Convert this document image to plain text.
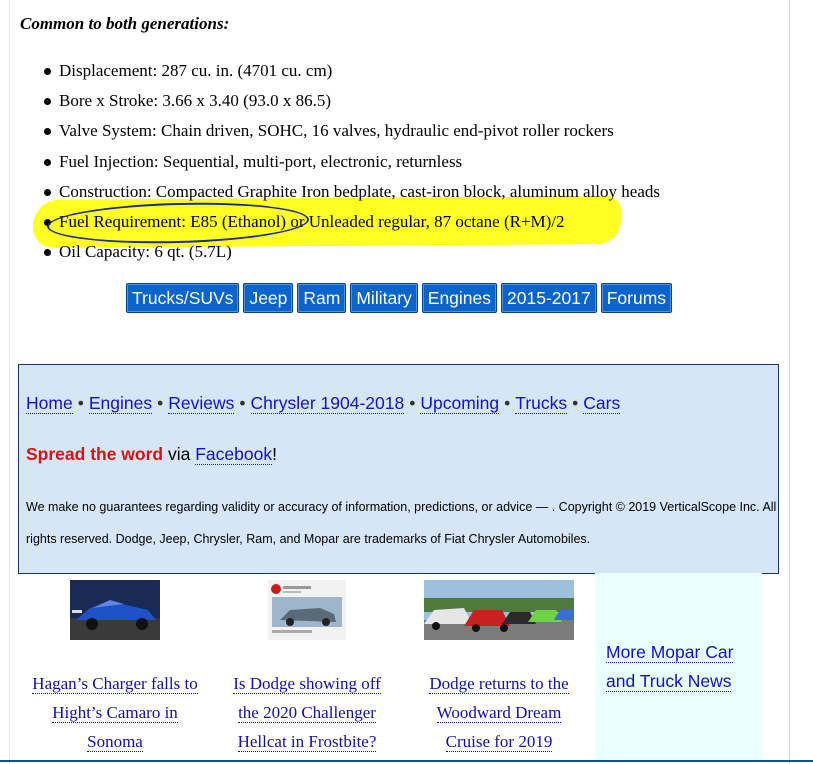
Common to both generations:
Displacement: 287 cu. in. (4701 cu. cm)
Bore x Stroke: 3.66 x 3.40 (93.0 x 86.5)
Valve System: Chain driven, SOHC, 16 valves, hydraulic end-pivot roller rockers
Fuel Injection: Sequential, multi-port, electronic, returnless
Construction: Compacted Graphite Iron bedplate, cast-iron block, aluminum alloy heads
Fuel Requirement: E85 (Ethanol) or Unleaded regular, 87 octane (R+M)/2
Oil Capacity: 6 qt. (5.7L)
Trucks/SUVs Jeep Ram Military Engines 2015-2017 Forums
Home • Engines • Reviews • Chrysler 1904-2018 • Upcoming • Trucks • Cars
Spread the word via Facebook!
We make no guarantees regarding validity or accuracy of information, predictions, or advice — . Copyright © 2019 VerticalScope Inc. All rights reserved. Dodge, Jeep, Chrysler, Ram, and Mopar are trademarks of Fiat Chrysler Automobiles.
Hagan’s Charger falls to
Hight’s Camaro in
Sonoma
Is Dodge showing off
the 2020 Challenger
Hellcat in Frostbite?
Dodge returns to the
Woodward Dream
Cruise for 2019
More Mopar Car
and Truck News
